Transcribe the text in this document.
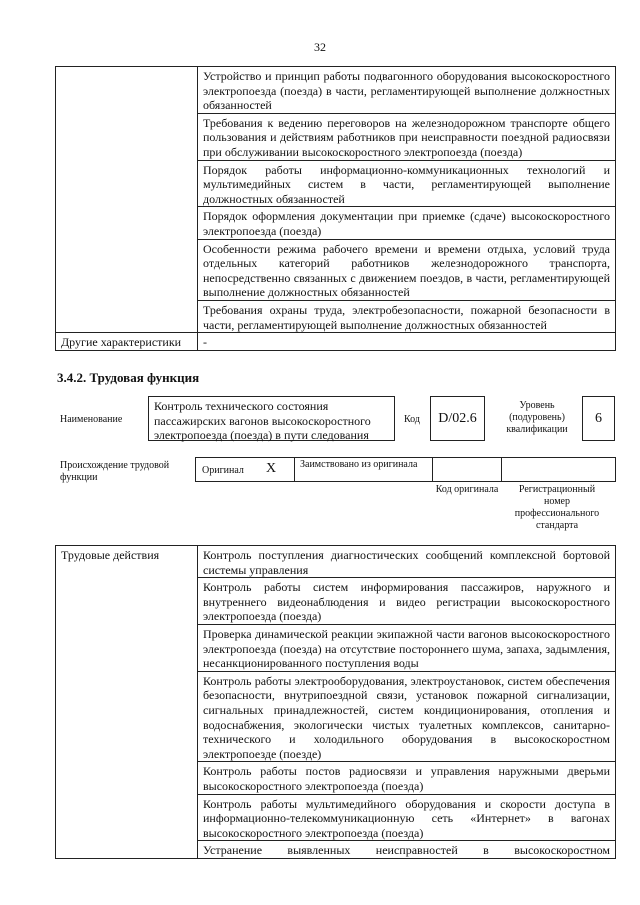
32
	Устройство и принцип работы подвагонного оборудования высокоскоростного электропоезда (поезда) в части, регламентирующей выполнение должностных обязанностей
	Требования к ведению переговоров на железнодорожном транспорте общего пользования и действиям работников при неисправности поездной радиосвязи при обслуживании высокоскоростного электропоезда (поезда)
	Порядок работы информационно-коммуникационных технологий и мультимедийных систем в части, регламентирующей выполнение должностных обязанностей
	Порядок оформления документации при приемке (сдаче) высокоскоростного электропоезда (поезда)
	Особенности режима рабочего времени и времени отдыха, условий труда отдельных категорий работников железнодорожного транспорта, непосредственно связанных с движением поездов, в части, регламентирующей выполнение должностных обязанностей
	Требования охраны труда, электробезопасности, пожарной безопасности в части, регламентирующей выполнение должностных обязанностей
Другие характеристики	-
3.4.2. Трудовая функция
Наименование
Контроль технического состояния пассажирских вагонов высокоскоростного электропоезда (поезда) в пути следования
Код	D/02.6
Уровень (подуровень) квалификации
6
Происхождение трудовой функции
Оригинал X Заимствовано из оригинала
Код оригинала	Регистрационный номер профессионального стандарта
Трудовые действия	Контроль поступления диагностических сообщений комплексной бортовой системы управления
Контроль работы систем информирования пассажиров, наружного и внутреннего видеонаблюдения и видео регистрации высокоскоростного электропоезда (поезда)
Проверка динамической реакции экипажной части вагонов высокоскоростного электропоезда (поезда) на отсутствие постороннего шума, запаха, задымления, несанкционированного поступления воды
Контроль работы электрооборудования, электроустановок, систем обеспечения безопасности, внутрипоездной связи, установок пожарной сигнализации, сигнальных принадлежностей, систем кондиционирования, отопления и водоснабжения, экологически чистых туалетных комплексов, санитарно-технического и холодильного оборудования в высокоскоростном электропоезде (поезде)
Контроль работы постов радиосвязи и управления наружными дверьми высокоскоростного электропоезда (поезда)
Контроль работы мультимедийного оборудования и скорости доступа в информационно-телекоммуникационную сеть «Интернет» в вагонах высокоскоростного электропоезда (поезда)
Устранение выявленных неисправностей в высокоскоростном
